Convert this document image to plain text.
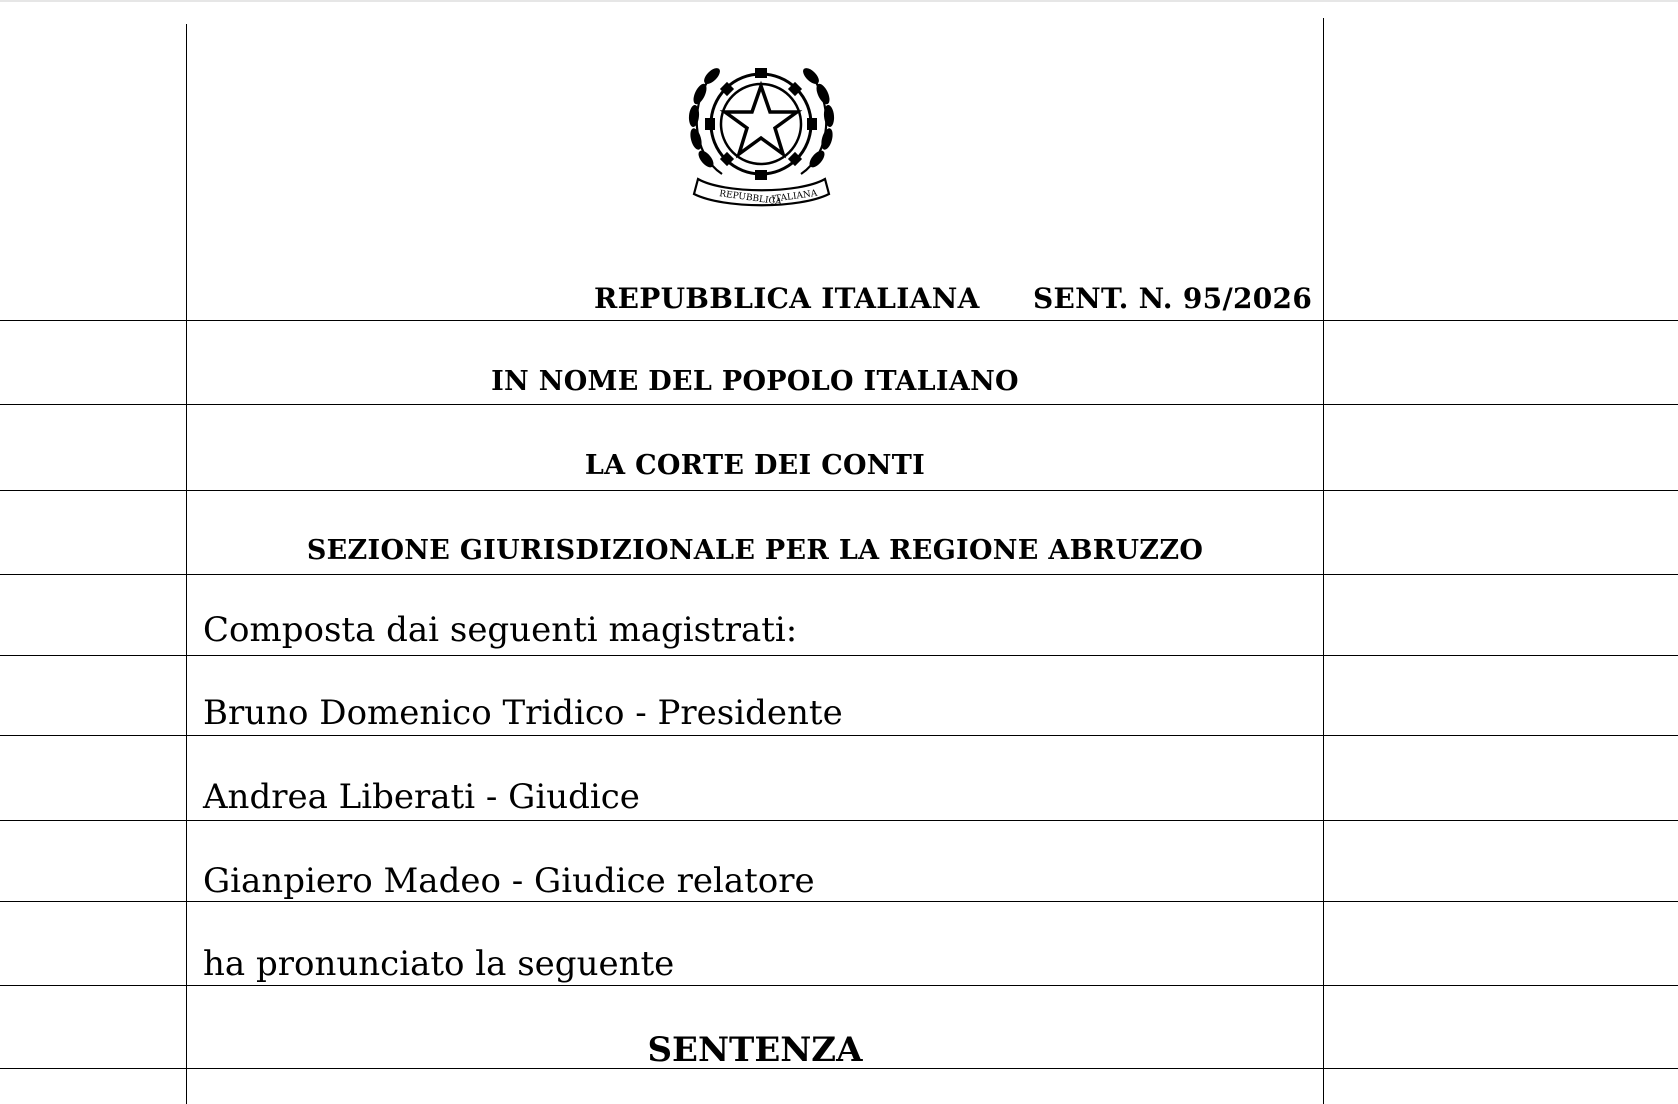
REPUBBLICA
ITALIANA
REPUBBLICA ITALIANA SENT. N. 95/2026
IN NOME DEL POPOLO ITALIANO
LA CORTE DEI CONTI
SEZIONE GIURISDIZIONALE PER LA REGIONE ABRUZZO
Composta dai seguenti magistrati:
Bruno Domenico Tridico - Presidente
Andrea Liberati - Giudice
Gianpiero Madeo - Giudice relatore
ha pronunciato la seguente
SENTENZA
